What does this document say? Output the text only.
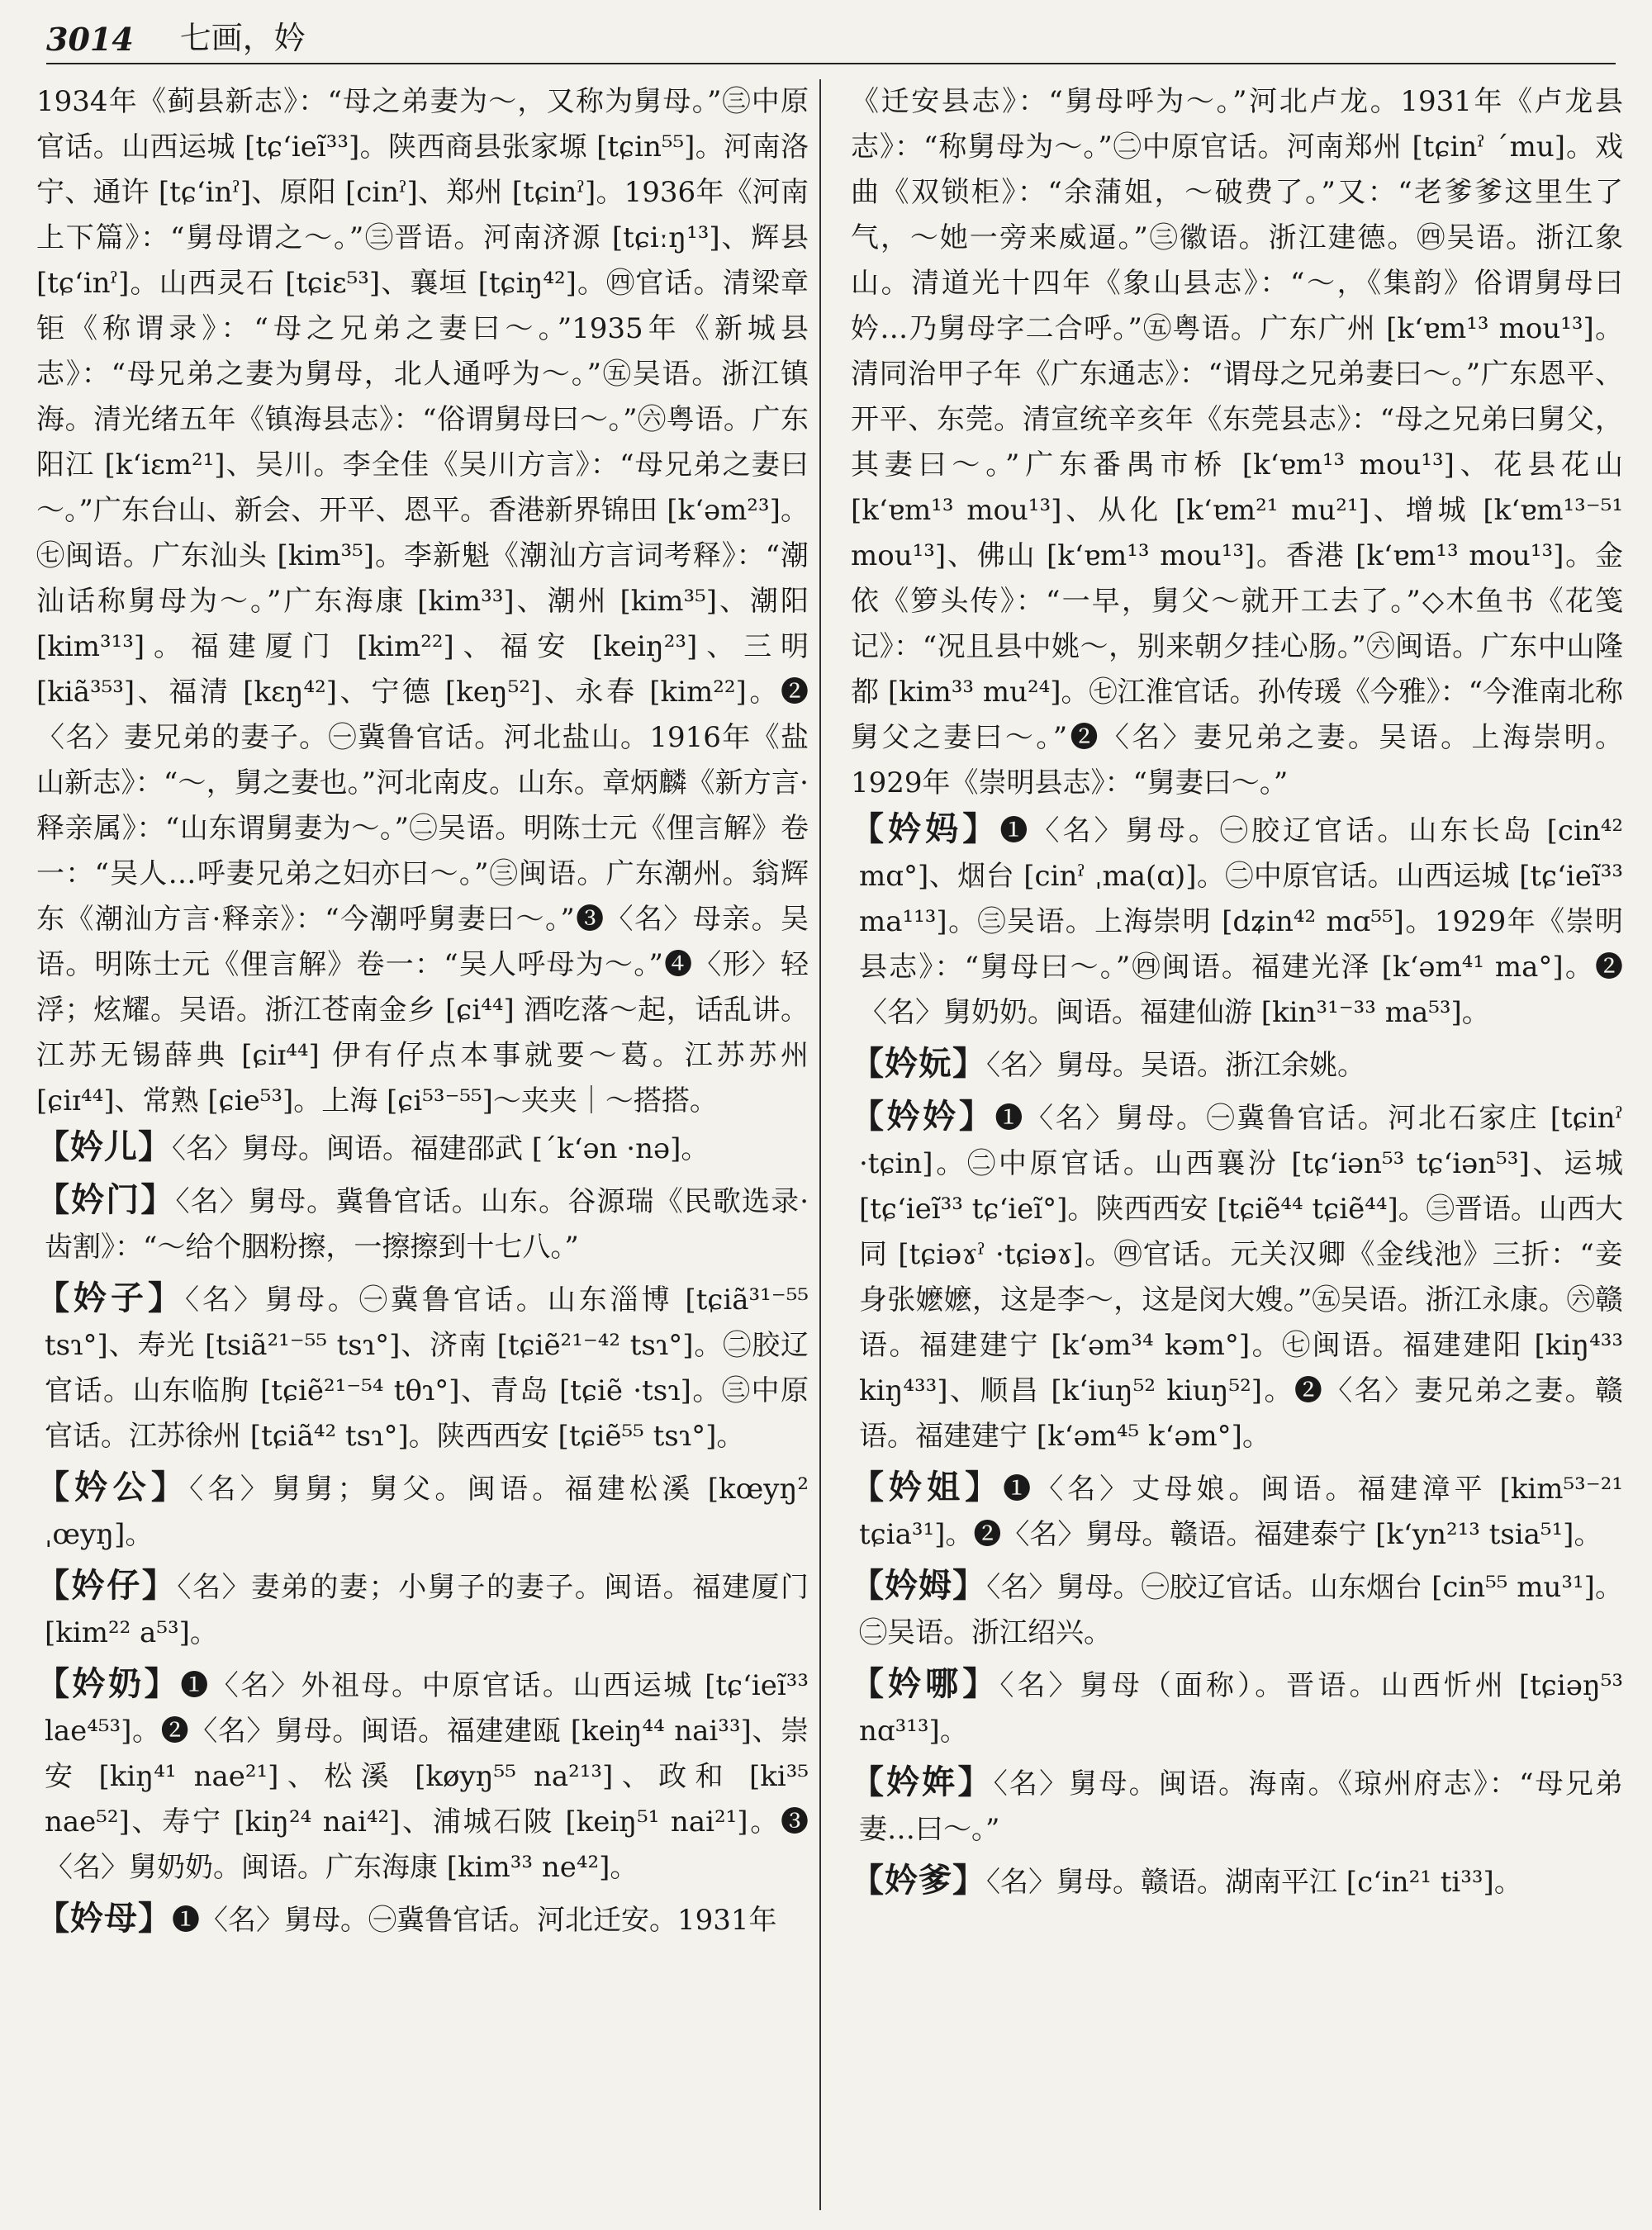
3014 七画，妗

1934年《蓟县新志》：“母之弟妻为～，又称为舅母。”㊂中原官话。山西运城 [tɕʻieĩ³³]。陕西商县张家塬 [tɕin⁵⁵]。河南洛宁、通许 [tɕʻinˀ]、原阳 [cinˀ]、郑州 [tɕinˀ]。1936年《河南上下篇》：“舅母谓之～。”㊂晋语。河南济源 [tɕiːŋ¹³]、辉县 [tɕʻinˀ]。山西灵石 [tɕiɛ⁵³]、襄垣 [tɕiŋ⁴²]。㊃官话。清梁章钜《称谓录》：“母之兄弟之妻曰～。”1935年《新城县志》：“母兄弟之妻为舅母，北人通呼为～。”㊄吴语。浙江镇海。清光绪五年《镇海县志》：“俗谓舅母曰～。”㊅粤语。广东阳江 [kʻiɛm²¹]、吴川。李全佳《吴川方言》：“母兄弟之妻曰～。”广东台山、新会、开平、恩平。香港新界锦田 [kʻəm²³]。㊆闽语。广东汕头 [kim³⁵]。李新魁《潮汕方言词考释》：“潮汕话称舅母为～。”广东海康 [kim³³]、潮州 [kim³⁵]、潮阳 [kim³¹³]。福建厦门 [kim²²]、福安 [keiŋ²³]、三明 [kiã³⁵³]、福清 [kɛŋ⁴²]、宁德 [keŋ⁵²]、永春 [kim²²]。❷〈名〉妻兄弟的妻子。㊀冀鲁官话。河北盐山。1916年《盐山新志》：“～，舅之妻也。”河北南皮。山东。章炳麟《新方言·释亲属》：“山东谓舅妻为～。”㊁吴语。明陈士元《俚言解》卷一：“吴人…呼妻兄弟之妇亦曰～。”㊂闽语。广东潮州。翁辉东《潮汕方言·释亲》：“今潮呼舅妻曰～。”❸〈名〉母亲。吴语。明陈士元《俚言解》卷一：“吴人呼母为～。”❹〈形〉轻浮；炫耀。吴语。浙江苍南金乡 [ɕi⁴⁴] 酒吃落～起，话乱讲。江苏无锡薛典 [ɕiɪ⁴⁴] 伊有仔点本事就要～葛。江苏苏州 [ɕiɪ⁴⁴]、常熟 [ɕie⁵³]。上海 [ɕi⁵³⁻⁵⁵]～夹夹｜～搭搭。

【妗儿】〈名〉舅母。闽语。福建邵武 [ˊkʻən ·nə]。

【妗门】〈名〉舅母。冀鲁官话。山东。谷源瑞《民歌选录·齿割》：“～给个胭粉擦，一擦擦到十七八。”

【妗子】〈名〉舅母。㊀冀鲁官话。山东淄博 [tɕiã³¹⁻⁵⁵ tsɿ°]、寿光 [tsiã²¹⁻⁵⁵ tsɿ°]、济南 [tɕiẽ²¹⁻⁴² tsɿ°]。㊁胶辽官话。山东临朐 [tɕiẽ²¹⁻⁵⁴ tθɿ°]、青岛 [tɕiẽ ·tsɿ]。㊂中原官话。江苏徐州 [tɕiã⁴² tsɿ°]。陕西西安 [tɕiẽ⁵⁵ tsɿ°]。

【妗公】〈名〉舅舅；舅父。闽语。福建松溪 [kœyŋ² ˌœyŋ]。

【妗仔】〈名〉妻弟的妻；小舅子的妻子。闽语。福建厦门 [kim²² a⁵³]。

【妗奶】❶〈名〉外祖母。中原官话。山西运城 [tɕʻieĩ³³ lae⁴⁵³]。❷〈名〉舅母。闽语。福建建瓯 [keiŋ⁴⁴ nai³³]、崇安 [kiŋ⁴¹ nae²¹]、松溪 [køyŋ⁵⁵ na²¹³]、政和 [ki³⁵ nae⁵²]、寿宁 [kiŋ²⁴ nai⁴²]、浦城石陂 [keiŋ⁵¹ nai²¹]。❸〈名〉舅奶奶。闽语。广东海康 [kim³³ ne⁴²]。

【妗母】❶〈名〉舅母。㊀冀鲁官话。河北迁安。1931年

《迁安县志》：“舅母呼为～。”河北卢龙。1931年《卢龙县志》：“称舅母为～。”㊁中原官话。河南郑州 [tɕinˀ ˊmu]。戏曲《双锁柜》：“余蒲姐，～破费了。”又：“老爹爹这里生了气，～她一旁来威逼。”㊂徽语。浙江建德。㊃吴语。浙江象山。清道光十四年《象山县志》：“～，《集韵》俗谓舅母曰妗…乃舅母字二合呼。”㊄粤语。广东广州 [kʻɐm¹³ mou¹³]。清同治甲子年《广东通志》：“谓母之兄弟妻曰～。”广东恩平、开平、东莞。清宣统辛亥年《东莞县志》：“母之兄弟曰舅父，其妻曰～。”广东番禺市桥 [kʻɐm¹³ mou¹³]、花县花山 [kʻɐm¹³ mou¹³]、从化 [kʻɐm²¹ mu²¹]、增城 [kʻɐm¹³⁻⁵¹ mou¹³]、佛山 [kʻɐm¹³ mou¹³]。香港 [kʻɐm¹³ mou¹³]。金依《箩头传》：“一早，舅父～就开工去了。”◇木鱼书《花笺记》：“况且县中姚～，别来朝夕挂心肠。”㊅闽语。广东中山隆都 [kim³³ mu²⁴]。㊆江淮官话。孙传瑗《今雅》：“今淮南北称舅父之妻曰～。”❷〈名〉妻兄弟之妻。吴语。上海崇明。1929年《崇明县志》：“舅妻曰～。”

【妗妈】❶〈名〉舅母。㊀胶辽官话。山东长岛 [cin⁴² mɑ°]、烟台 [cinˀ ˌma(ɑ)]。㊁中原官话。山西运城 [tɕʻieĩ³³ ma¹¹³]。㊂吴语。上海崇明 [dʑin⁴² mɑ⁵⁵]。1929年《崇明县志》：“舅母曰～。”㊃闽语。福建光泽 [kʻəm⁴¹ ma°]。❷〈名〉舅奶奶。闽语。福建仙游 [kin³¹⁻³³ ma⁵³]。

【妗妧】〈名〉舅母。吴语。浙江余姚。

【妗妗】❶〈名〉舅母。㊀冀鲁官话。河北石家庄 [tɕinˀ ·tɕin]。㊁中原官话。山西襄汾 [tɕʻiən⁵³ tɕʻiən⁵³]、运城 [tɕʻieĩ³³ tɕʻieĩ°]。陕西西安 [tɕiẽ⁴⁴ tɕiẽ⁴⁴]。㊂晋语。山西大同 [tɕiəɤˀ ·tɕiəɤ]。㊃官话。元关汉卿《金线池》三折：“妾身张嬷嬷，这是李～，这是闵大嫂。”㊄吴语。浙江永康。㊅赣语。福建建宁 [kʻəm³⁴ kəm°]。㊆闽语。福建建阳 [kiŋ⁴³³ kiŋ⁴³³]、顺昌 [kʻiuŋ⁵² kiuŋ⁵²]。❷〈名〉妻兄弟之妻。赣语。福建建宁 [kʻəm⁴⁵ kʻəm°]。

【妗姐】❶〈名〉丈母娘。闽语。福建漳平 [kim⁵³⁻²¹ tɕia³¹]。❷〈名〉舅母。赣语。福建泰宁 [kʻyn²¹³ tsia⁵¹]。

【妗姆】〈名〉舅母。㊀胶辽官话。山东烟台 [cin⁵⁵ mu³¹]。㊁吴语。浙江绍兴。

【妗哪】〈名〉舅母（面称）。晋语。山西忻州 [tɕiəŋ⁵³ nɑ³¹³]。

【妗姩】〈名〉舅母。闽语。海南。《琼州府志》：“母兄弟妻…曰～。”

【妗爹】〈名〉舅母。赣语。湖南平江 [cʻin²¹ ti³³]。
